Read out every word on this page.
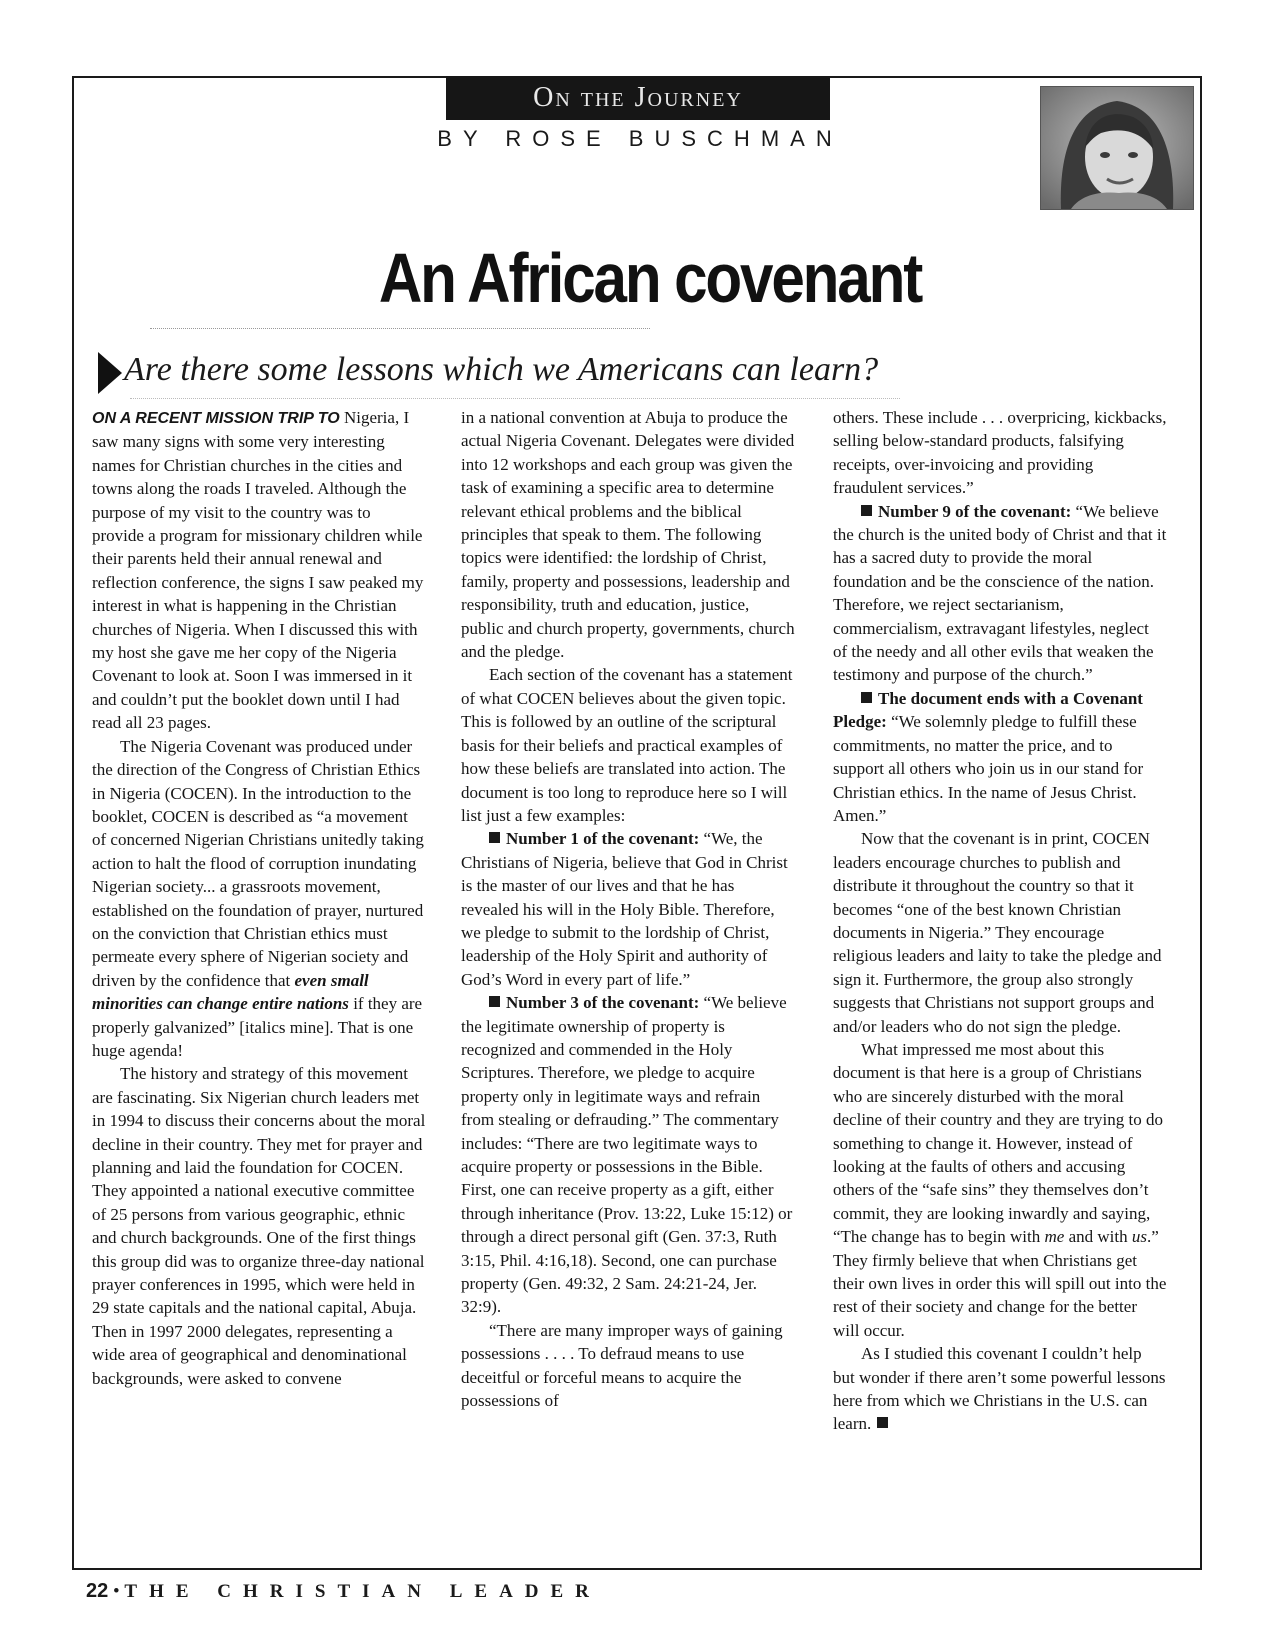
On the Journey
BY ROSE BUSCHMAN
An African covenant
Are there some lessons which we Americans can learn?

ON A RECENT MISSION TRIP TO Nigeria, I saw many signs with some very interesting names for Christian churches in the cities and towns along the roads I traveled. Although the purpose of my visit to the country was to provide a program for missionary children while their parents held their annual renewal and reflection conference, the signs I saw peaked my interest in what is happening in the Christian churches of Nigeria. When I discussed this with my host she gave me her copy of the Nigeria Covenant to look at. Soon I was immersed in it and couldn’t put the booklet down until I had read all 23 pages.

The Nigeria Covenant was produced under the direction of the Congress of Christian Ethics in Nigeria (COCEN). In the introduction to the booklet, COCEN is described as “a movement of concerned Nigerian Christians unitedly taking action to halt the flood of corruption inundating Nigerian society... a grassroots movement, established on the foundation of prayer, nurtured on the conviction that Christian ethics must permeate every sphere of Nigerian society and driven by the confidence that even small minorities can change entire nations if they are properly galvanized” [italics mine]. That is one huge agenda!

The history and strategy of this movement are fascinating. Six Nigerian church leaders met in 1994 to discuss their concerns about the moral decline in their country. They met for prayer and planning and laid the foundation for COCEN. They appointed a national executive committee of 25 persons from various geographic, ethnic and church backgrounds. One of the first things this group did was to organize three-day national prayer conferences in 1995, which were held in 29 state capitals and the national capital, Abuja. Then in 1997 2000 delegates, representing a wide area of geographical and denominational backgrounds, were asked to convene

in a national convention at Abuja to produce the actual Nigeria Covenant. Delegates were divided into 12 workshops and each group was given the task of examining a specific area to determine relevant ethical problems and the biblical principles that speak to them. The following topics were identified: the lordship of Christ, family, property and possessions, leadership and responsibility, truth and education, justice, public and church property, governments, church and the pledge.

Each section of the covenant has a statement of what COCEN believes about the given topic. This is followed by an outline of the scriptural basis for their beliefs and practical examples of how these beliefs are translated into action. The document is too long to reproduce here so I will list just a few examples:

Number 1 of the covenant: “We, the Christians of Nigeria, believe that God in Christ is the master of our lives and that he has revealed his will in the Holy Bible. Therefore, we pledge to submit to the lordship of Christ, leadership of the Holy Spirit and authority of God’s Word in every part of life.”

Number 3 of the covenant: “We believe the legitimate ownership of property is recognized and commended in the Holy Scriptures. Therefore, we pledge to acquire property only in legitimate ways and refrain from stealing or defrauding.” The commentary includes: “There are two legitimate ways to acquire property or possessions in the Bible. First, one can receive property as a gift, either through inheritance (Prov. 13:22, Luke 15:12) or through a direct personal gift (Gen. 37:3, Ruth 3:15, Phil. 4:16,18). Second, one can purchase property (Gen. 49:32, 2 Sam. 24:21-24, Jer. 32:9).

“There are many improper ways of gaining possessions . . . . To defraud means to use deceitful or forceful means to acquire the possessions of

others. These include . . . overpricing, kickbacks, selling below-standard products, falsifying receipts, over-invoicing and providing fraudulent services.”

Number 9 of the covenant: “We believe the church is the united body of Christ and that it has a sacred duty to provide the moral foundation and be the conscience of the nation. Therefore, we reject sectarianism, commercialism, extravagant lifestyles, neglect of the needy and all other evils that weaken the testimony and purpose of the church.”

The document ends with a Covenant Pledge: “We solemnly pledge to fulfill these commitments, no matter the price, and to support all others who join us in our stand for Christian ethics. In the name of Jesus Christ. Amen.”

Now that the covenant is in print, COCEN leaders encourage churches to publish and distribute it throughout the country so that it becomes “one of the best known Christian documents in Nigeria.” They encourage religious leaders and laity to take the pledge and sign it. Furthermore, the group also strongly suggests that Christians not support groups and and/or leaders who do not sign the pledge.

What impressed me most about this document is that here is a group of Christians who are sincerely disturbed with the moral decline of their country and they are trying to do something to change it. However, instead of looking at the faults of others and accusing others of the “safe sins” they themselves don’t commit, they are looking inwardly and saying, “The change has to begin with me and with us.” They firmly believe that when Christians get their own lives in order this will spill out into the rest of their society and change for the better will occur.

As I studied this covenant I couldn’t help but wonder if there aren’t some powerful lessons here from which we Christians in the U.S. can learn.

22 • THE CHRISTIAN LEADER
